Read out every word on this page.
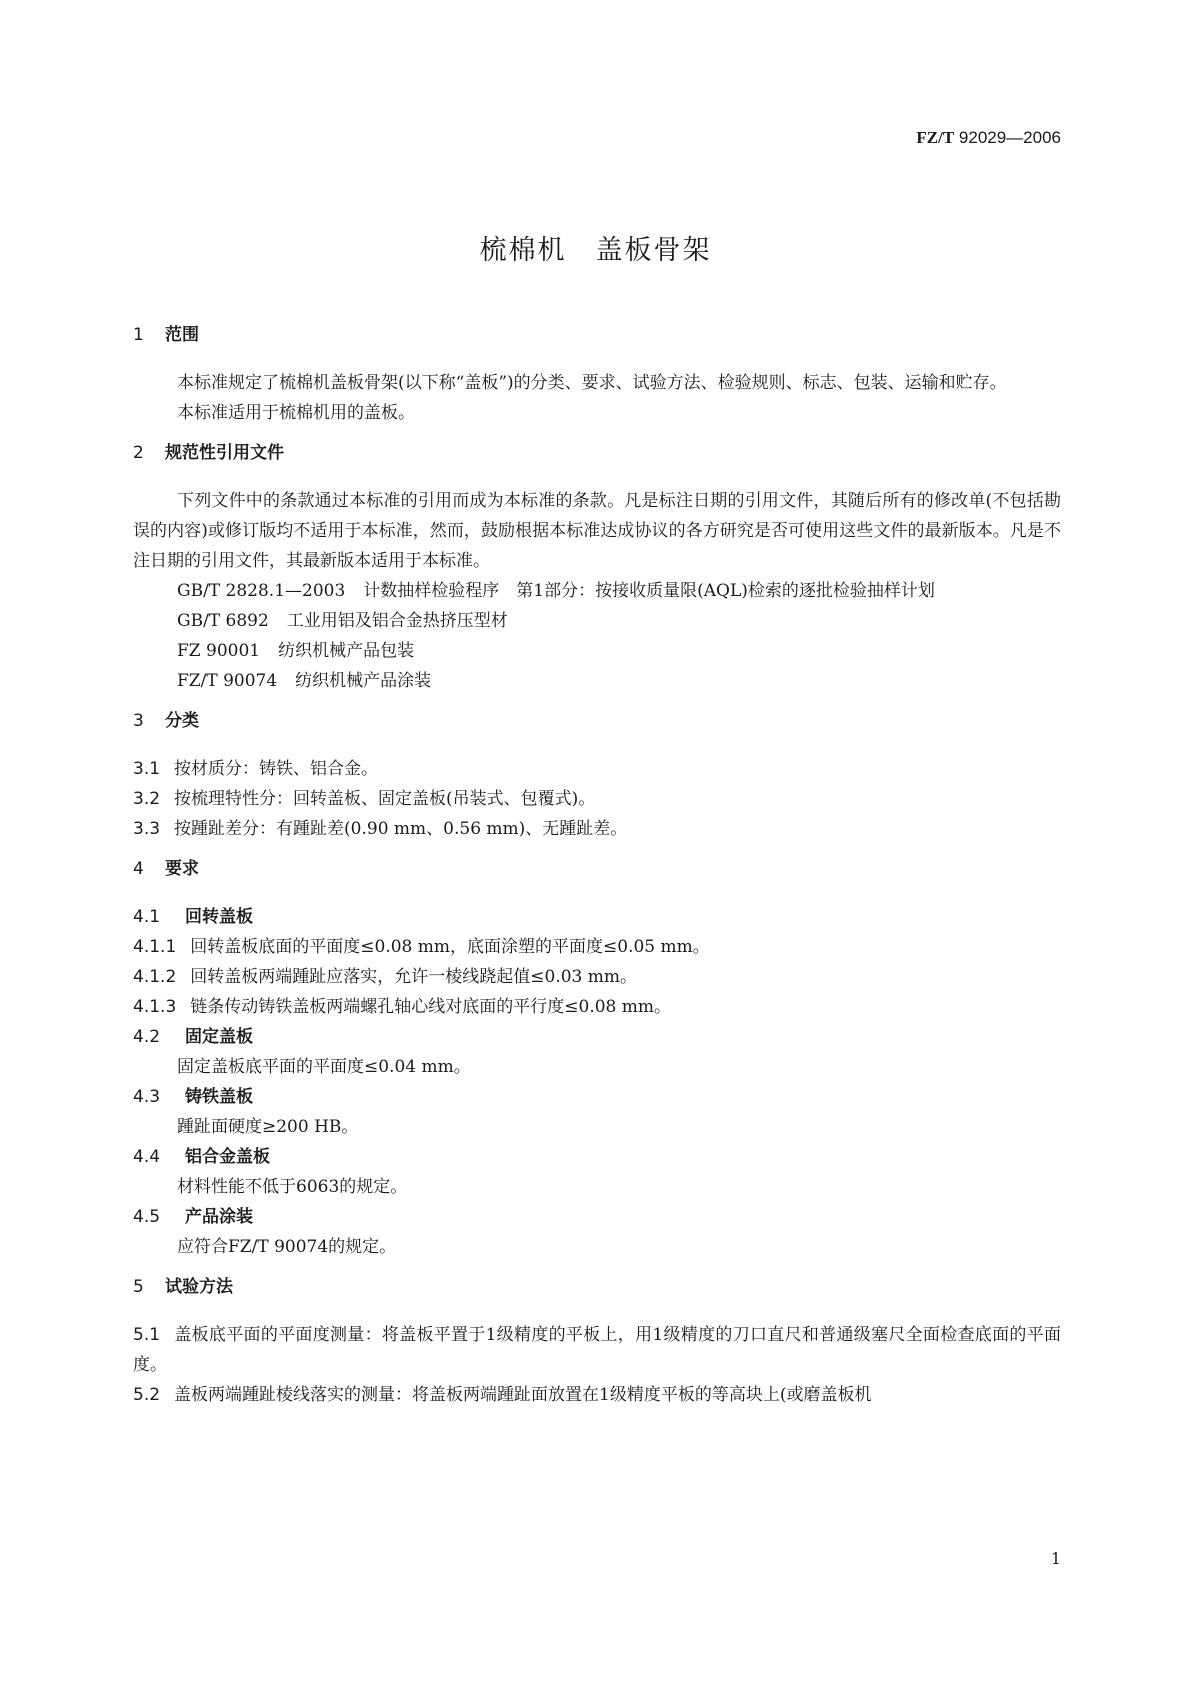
FZ/T 92029—2006
梳棉机　盖板骨架
1 范围

本标准规定了梳棉机盖板骨架(以下称“盖板”)的分类、要求、试验方法、检验规则、标志、包装、运输和贮存。

本标准适用于梳棉机用的盖板。

2 规范性引用文件

下列文件中的条款通过本标准的引用而成为本标准的条款。凡是标注日期的引用文件，其随后所有的修改单(不包括勘误的内容)或修订版均不适用于本标准，然而，鼓励根据本标准达成协议的各方研究是否可使用这些文件的最新版本。凡是不注日期的引用文件，其最新版本适用于本标准。

GB/T 2828.1—2003 计数抽样检验程序　第1部分：按接收质量限(AQL)检索的逐批检验抽样计划

GB/T 6892 工业用铝及铝合金热挤压型材

FZ 90001 纺织机械产品包装

FZ/T 90074 纺织机械产品涂装

3 分类

3.1 按材质分：铸铁、铝合金。

3.2 按梳理特性分：回转盖板、固定盖板(吊装式、包覆式)。

3.3 按踵趾差分：有踵趾差(0.90 mm、0.56 mm)、无踵趾差。

4 要求
4.1 回转盖板

4.1.1 回转盖板底面的平面度≤0.08 mm，底面涂塑的平面度≤0.05 mm。

4.1.2 回转盖板两端踵趾应落实，允许一棱线跷起值≤0.03 mm。

4.1.3 链条传动铸铁盖板两端螺孔轴心线对底面的平行度≤0.08 mm。

4.2 固定盖板

固定盖板底平面的平面度≤0.04 mm。

4.3 铸铁盖板

踵趾面硬度≥200 HB。

4.4 铝合金盖板

材料性能不低于6063的规定。

4.5 产品涂装

应符合FZ/T 90074的规定。

5 试验方法

5.1 盖板底平面的平面度测量：将盖板平置于1级精度的平板上，用1级精度的刀口直尺和普通级塞尺全面检查底面的平面度。

5.2 盖板两端踵趾棱线落实的测量：将盖板两端踵趾面放置在1级精度平板的等高块上(或磨盖板机

1
